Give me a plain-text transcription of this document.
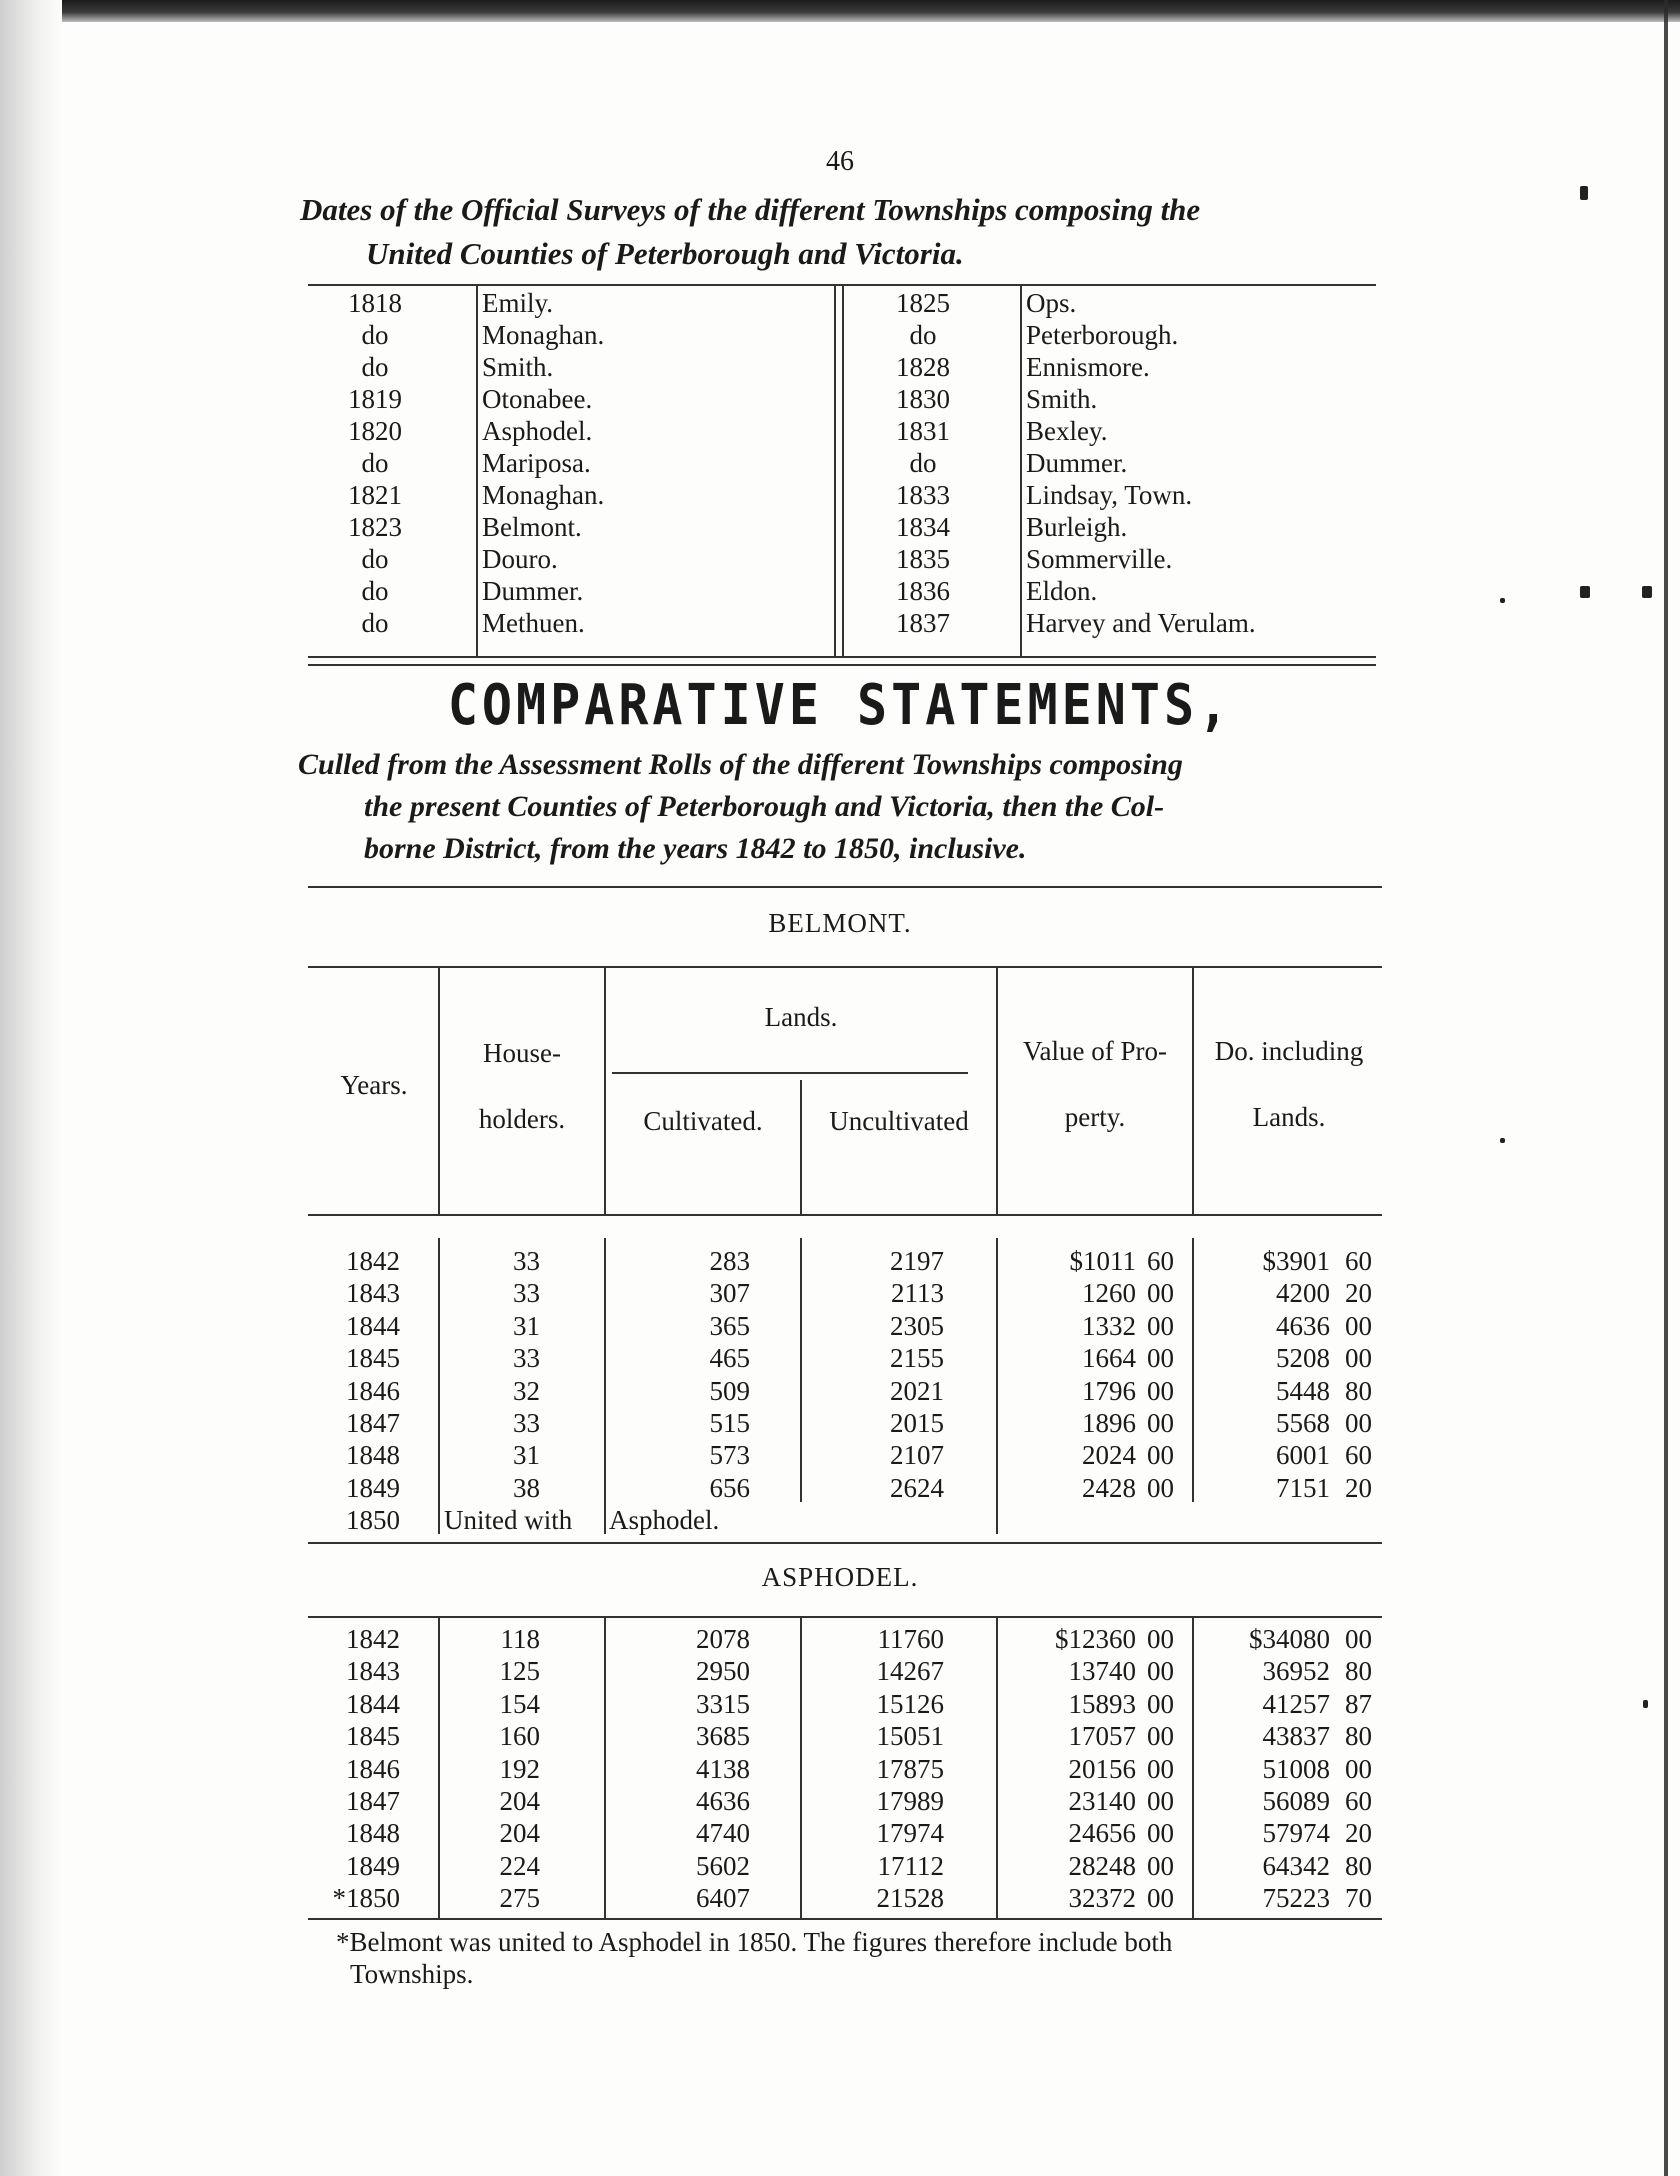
46
Dates of the Official Surveys of the different Townships composing the
United Counties of Peterborough and Victoria.
1818	Emily.	1825	Ops.
do	Monaghan.	do	Peterborough.
do	Smith.	1828	Ennismore.
1819	Otonabee.	1830	Smith.
1820	Asphodel.	1831	Bexley.
do	Mariposa.	do	Dummer.
1821	Monaghan.	1833	Lindsay, Town.
1823	Belmont.	1834	Burleigh.
do	Douro.	1835	Sommerville.
do	Dummer.	1836	Eldon.
do	Methuen.	1837	Harvey and Verulam.
COMPARATIVE STATEMENTS,
Culled from the Assessment Rolls of the different Townships composing
the present Counties of Peterborough and Victoria, then the Col-
borne District, from the years 1842 to 1850, inclusive.
BELMONT.
Years.
House-
holders.
Lands.
Cultivated.	Uncultivated
Value of Pro-
perty.
Do. including
Lands.
1842	33	283	2197	$1011 60	$3901 60
1843	33	307	2113	1260 00	4200 20
1844	31	365	2305	1332 00	4636 00
1845	33	465	2155	1664 00	5208 00
1846	32	509	2021	1796 00	5448 80
1847	33	515	2015	1896 00	5568 00
1848	31	573	2107	2024 00	6001 60
1849	38	656	2624	2428 00	7151 20
1850 United with	Asphodel.
ASPHODEL.
1842	118	2078	11760	$12360 00	$34080 00
1843	125	2950	14267	13740 00	36952 80
1844	154	3315	15126	15893 00	41257 87
1845	160	3685	15051	17057 00	43837 80
1846	192	4138	17875	20156 00	51008 00
1847	204	4636	17989	23140 00	56089 60
1848	204	4740	17974	24656 00	57974 20
1849	224	5602	17112	28248 00	64342 80
*1850	275	6407	21528	32372 00	75223 70
*Belmont was united to Asphodel in 1850. The figures therefore include both
Townships.
